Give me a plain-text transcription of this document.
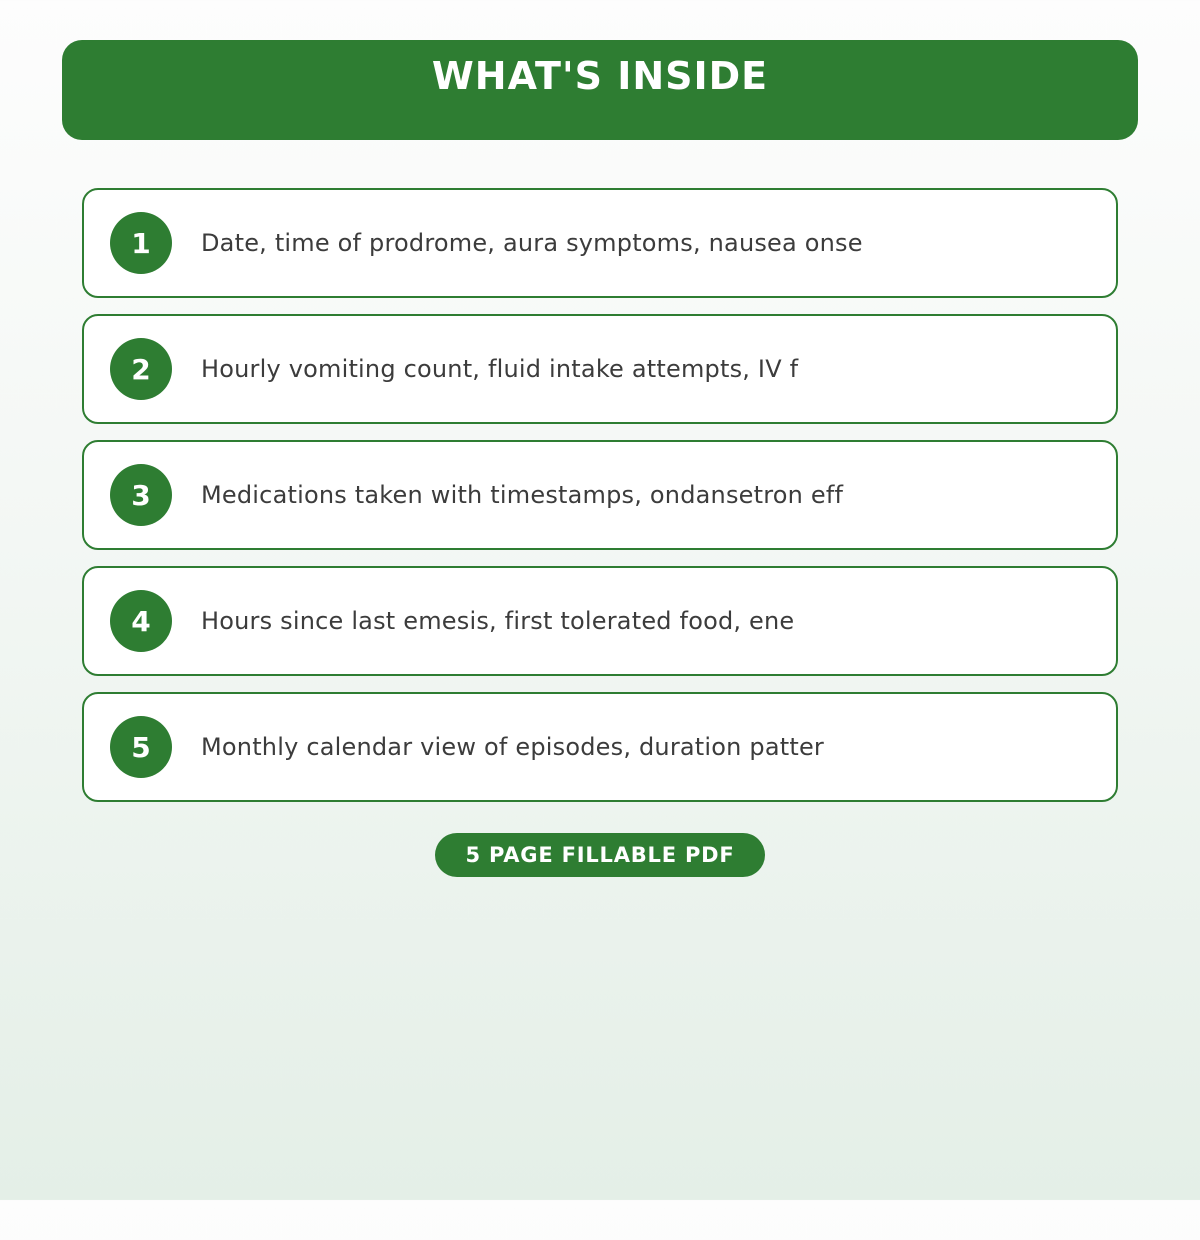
WHAT'S INSIDE
1	Date, time of prodrome, aura symptoms, nausea onse
2	Hourly vomiting count, fluid intake attempts, IV f
3	Medications taken with timestamps, ondansetron eff
4	Hours since last emesis, first tolerated food, ene
5	Monthly calendar view of episodes, duration patter
5 PAGE FILLABLE PDF
